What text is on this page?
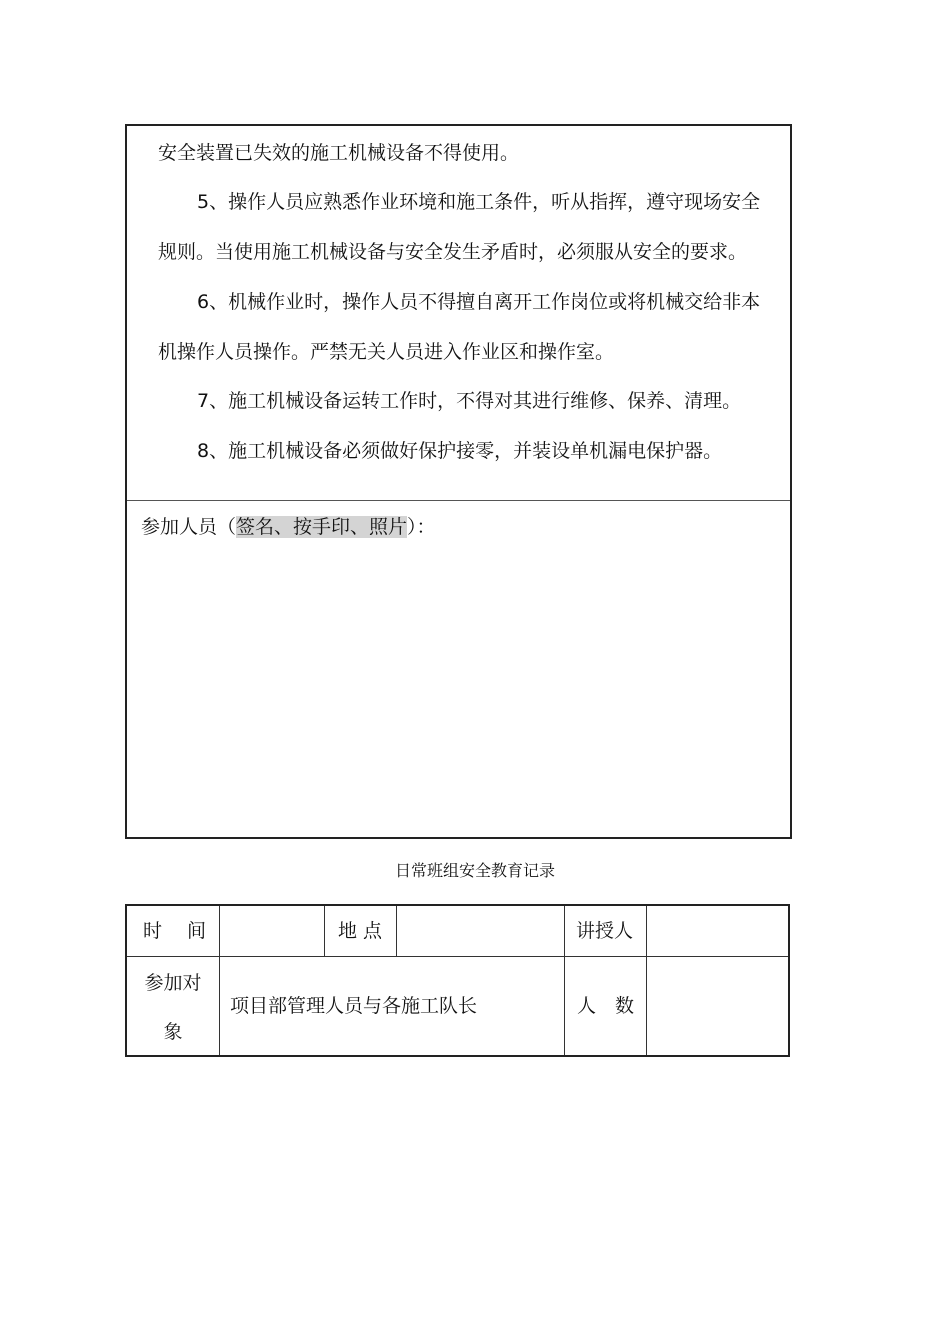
安全装置已失效的施工机械设备不得使用。
5、操作人员应熟悉作业环境和施工条件，听从指挥，遵守现场安全
规则。当使用施工机械设备与安全发生矛盾时，必须服从安全的要求。
6、机械作业时，操作人员不得擅自离开工作岗位或将机械交给非本
机操作人员操作。严禁无关人员进入作业区和操作室。
7、施工机械设备运转工作时，不得对其进行维修、保养、清理。
8、施工机械设备必须做好保护接零，并装设单机漏电保护器。
参加人员（签名、按手印、照片）：
日常班组安全教育记录
时　 间	地 点	讲授人
参加对
象
项目部管理人员与各施工队长	人　数
